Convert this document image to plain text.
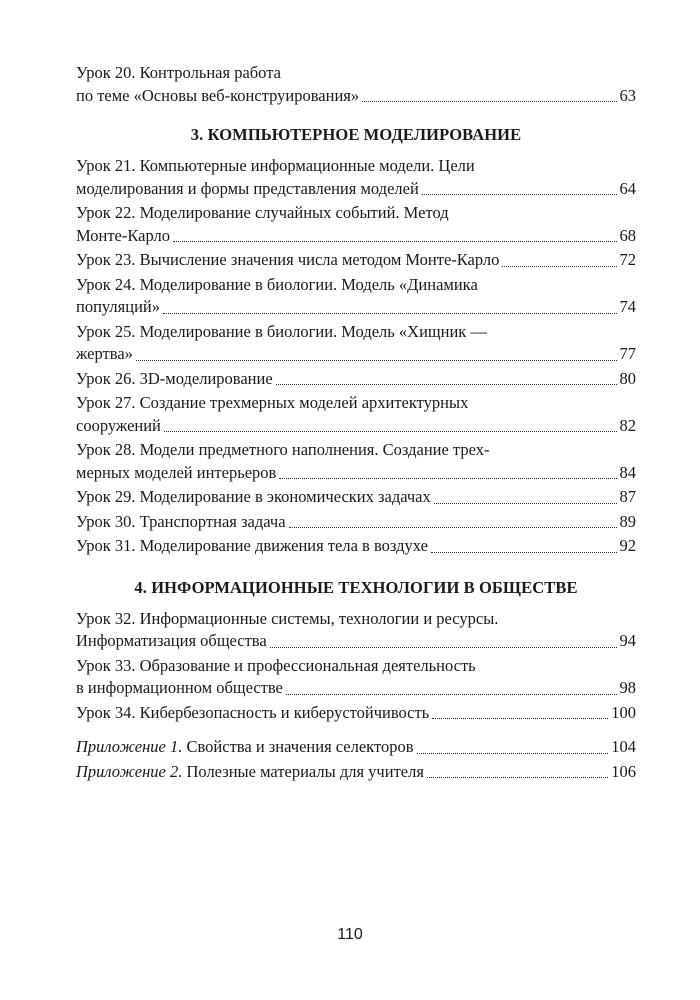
Урок 20. Контрольная работа
по теме «Основы веб-конструирования»	63
3. КОМПЬЮТЕРНОЕ МОДЕЛИРОВАНИЕ
Урок 21. Компьютерные информационные модели. Цели
моделирования и формы представления моделей	64
Урок 22. Моделирование случайных событий. Метод
Монте-Карло	68
Урок 23. Вычисление значения числа методом Монте-Карло	72
Урок 24. Моделирование в биологии. Модель «Динамика
популяций»	74
Урок 25. Моделирование в биологии. Модель «Хищник —
жертва»	77
Урок 26. 3D-моделирование	80
Урок 27. Создание трехмерных моделей архитектурных
сооружений	82
Урок 28. Модели предметного наполнения. Создание трех-
мерных моделей интерьеров	84
Урок 29. Моделирование в экономических задачах	87
Урок 30. Транспортная задача	89
Урок 31. Моделирование движения тела в воздухе	92
4. ИНФОРМАЦИОННЫЕ ТЕХНОЛОГИИ В ОБЩЕСТВЕ
Урок 32. Информационные системы, технологии и ресурсы.
Информатизация общества	94
Урок 33. Образование и профессиональная деятельность
в информационном обществе	98
Урок 34. Кибербезопасность и киберустойчивость	100
Приложение 1. Свойства и значения селекторов	104
Приложение 2. Полезные материалы для учителя	106
110
